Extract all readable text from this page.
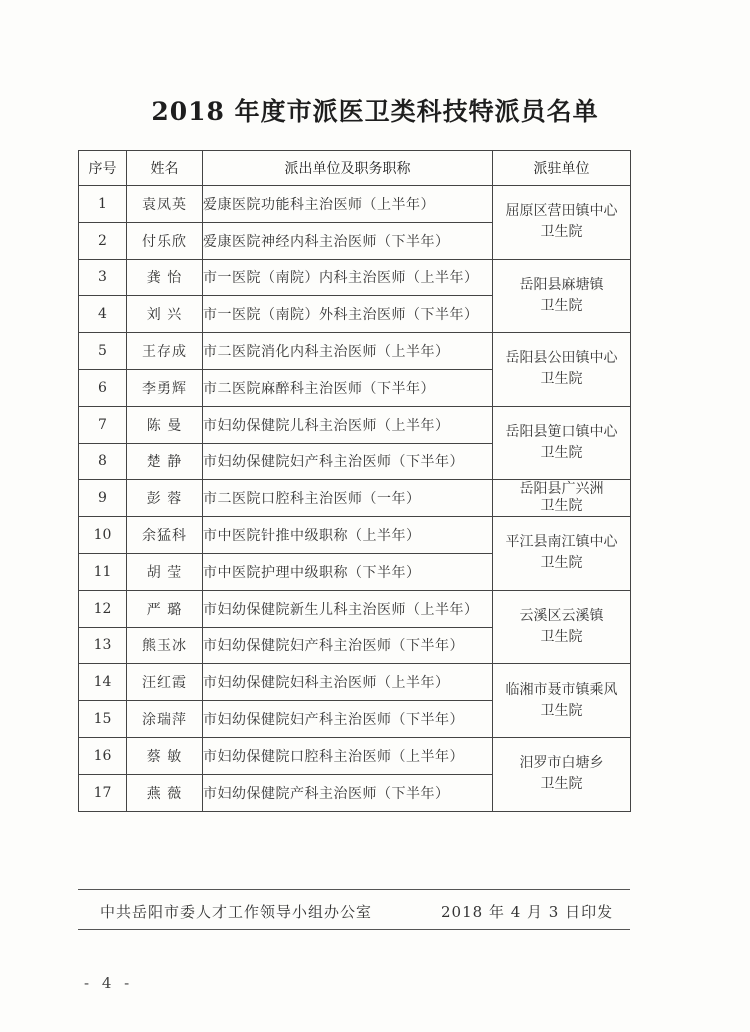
2018 年度市派医卫类科技特派员名单
序号	姓名	派出单位及职务职称	派驻单位
1	袁凤英	爱康医院功能科主治医师（上半年）	屈原区营田镇中心
卫生院

2	付乐欣	爱康医院神经内科主治医师（下半年）	
3	龚 怡	市一医院（南院）内科主治医师（上半年）	岳阳县麻塘镇
卫生院

4	刘 兴	市一医院（南院）外科主治医师（下半年）	
5	王存成	市二医院消化内科主治医师（上半年）	岳阳县公田镇中心
卫生院

6	李勇辉	市二医院麻醉科主治医师（下半年）	
7	陈 曼	市妇幼保健院儿科主治医师（上半年）	岳阳县筻口镇中心
卫生院

8	楚 静	市妇幼保健院妇产科主治医师（下半年）	
9	彭 蓉	市二医院口腔科主治医师（一年）	岳阳县广兴洲
卫生院

10	余猛科	市中医院针推中级职称（上半年）	平江县南江镇中心
卫生院

11	胡 莹	市中医院护理中级职称（下半年）	
12	严 璐	市妇幼保健院新生儿科主治医师（上半年）	云溪区云溪镇
卫生院

13	熊玉冰	市妇幼保健院妇产科主治医师（下半年）	
14	汪红霞	市妇幼保健院妇科主治医师（上半年）	临湘市聂市镇乘风
卫生院

15	涂瑞萍	市妇幼保健院妇产科主治医师（下半年）	
16	蔡 敏	市妇幼保健院口腔科主治医师（上半年）	汨罗市白塘乡
卫生院

17	燕 薇	市妇幼保健院产科主治医师（下半年）	
中共岳阳市委人才工作领导小组办公室	2018 年 4 月 3 日印发
- 4 -
